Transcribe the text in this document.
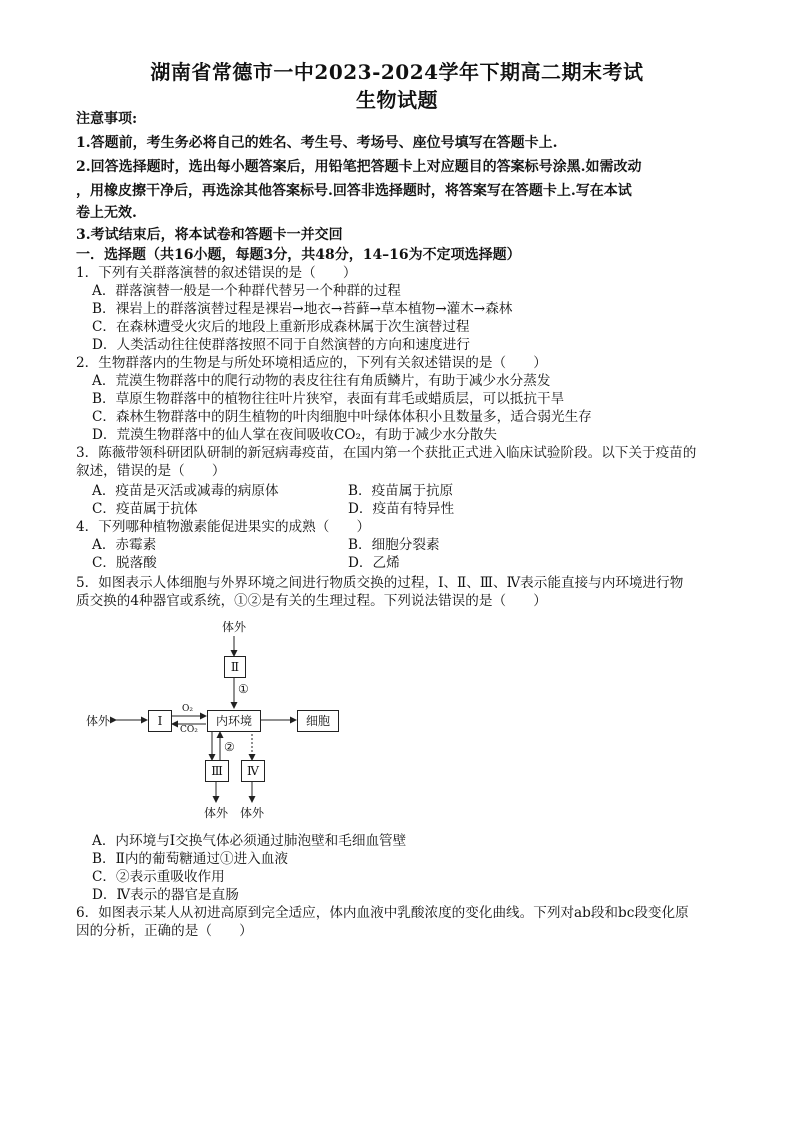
湖南省常德市一中2023-2024学年下期高二期末考试
生物试题
注意事项:
1.答题前，考生务必将自己的姓名、考生号、考场号、座位号填写在答题卡上.
2.回答选择题时，选出每小题答案后，用铅笔把答题卡上对应题目的答案标号涂黑.如需改动
，用橡皮擦干净后，再选涂其他答案标号.回答非选择题时，将答案写在答题卡上.写在本试
卷上无效.
3.考试结束后，将本试卷和答题卡一并交回
一．选择题（共16小题，每题3分，共48分，14–16为不定项选择题）
1．下列有关群落演替的叙述错误的是（　　）
A．群落演替一般是一个种群代替另一个种群的过程
B．裸岩上的群落演替过程是裸岩→地衣→苔藓→草本植物→灌木→森林
C．在森林遭受火灾后的地段上重新形成森林属于次生演替过程
D．人类活动往往使群落按照不同于自然演替的方向和速度进行
2．生物群落内的生物是与所处环境相适应的，下列有关叙述错误的是（　　）
A．荒漠生物群落中的爬行动物的表皮往往有角质鳞片，有助于减少水分蒸发
B．草原生物群落中的植物往往叶片狭窄，表面有茸毛或蜡质层，可以抵抗干旱
C．森林生物群落中的阴生植物的叶肉细胞中叶绿体体积小且数量多，适合弱光生存
D．荒漠生物群落中的仙人掌在夜间吸收CO₂，有助于减少水分散失
3．陈薇带领科研团队研制的新冠病毒疫苗，在国内第一个获批正式进入临床试验阶段。以下关于疫苗的
叙述，错误的是（　　）
A．疫苗是灭活或减毒的病原体	B．疫苗属于抗原
C．疫苗属于抗体	D．疫苗有特异性
4．下列哪种植物激素能促进果实的成熟（　　）
A．赤霉素	B．细胞分裂素
C．脱落酸	D．乙烯
5．如图表示人体细胞与外界环境之间进行物质交换的过程，Ⅰ、Ⅱ、Ⅲ、Ⅳ表示能直接与内环境进行物
质交换的4种器官或系统，①②是有关的生理过程。下列说法错误的是（　　）
体外
Ⅱ
①
体外	Ⅰ
O₂
CO₂
内环境	细胞
②
Ⅲ	Ⅳ
体外 体外
A．内环境与Ⅰ交换气体必须通过肺泡壁和毛细血管壁
B．Ⅱ内的葡萄糖通过①进入血液
C．②表示重吸收作用
D．Ⅳ表示的器官是直肠
6．如图表示某人从初进高原到完全适应，体内血液中乳酸浓度的变化曲线。下列对ab段和bc段变化原
因的分析，正确的是（　　）
